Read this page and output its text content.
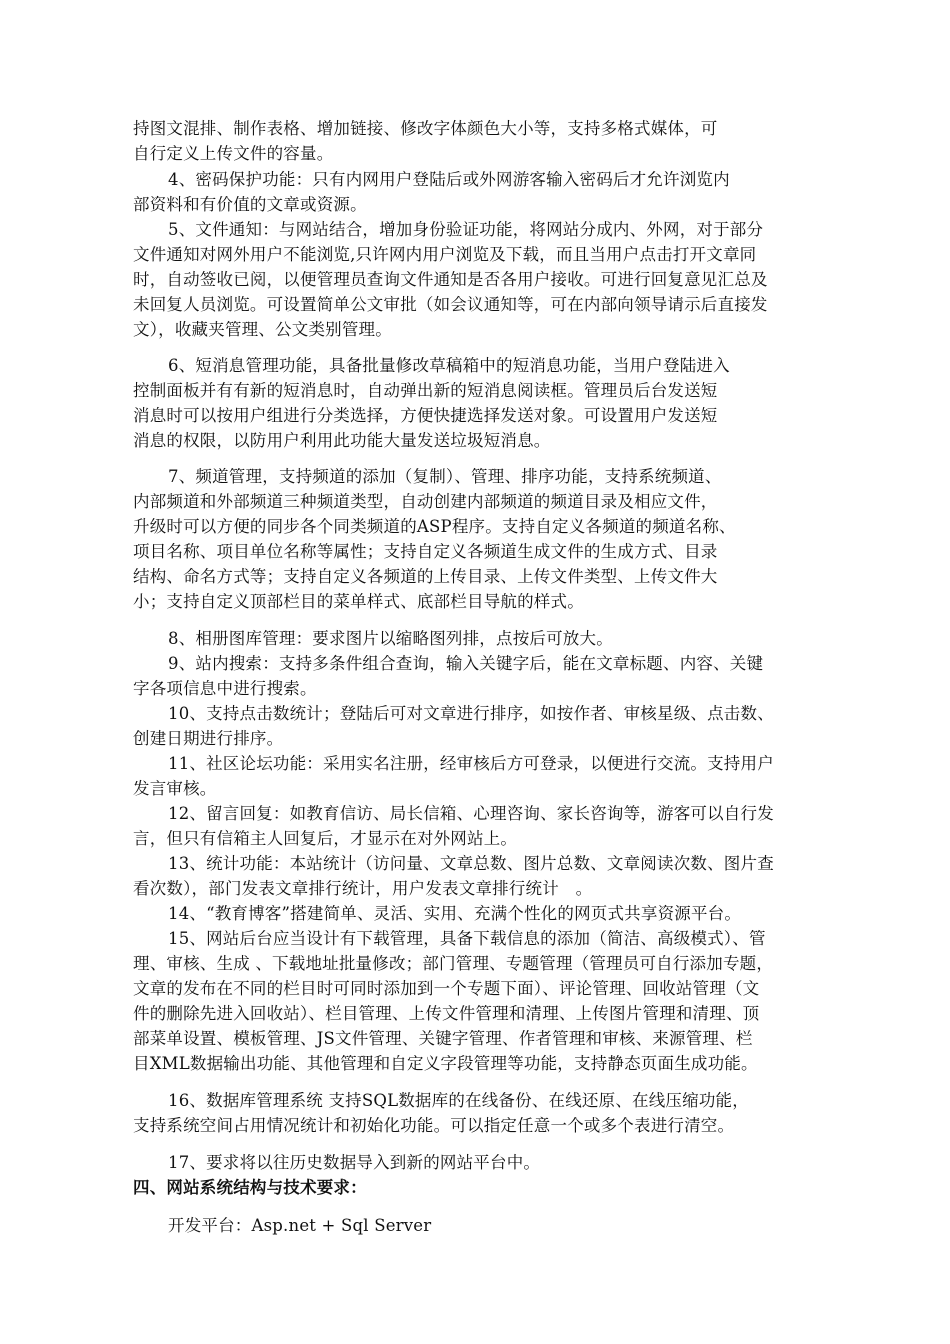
持图文混排、制作表格、增加链接、修改字体颜色大小等，支持多格式媒体，可
自行定义上传文件的容量。
4、密码保护功能：只有内网用户登陆后或外网游客输入密码后才允许浏览内
部资料和有价值的文章或资源。
5、文件通知：与网站结合，增加身份验证功能，将网站分成内、外网，对于部分
文件通知对网外用户不能浏览,只许网内用户浏览及下载，而且当用户点击打开文章同
时，自动签收已阅，以便管理员查询文件通知是否各用户接收。可进行回复意见汇总及
未回复人员浏览。可设置简单公文审批（如会议通知等，可在内部向领导请示后直接发
文），收藏夹管理、公文类别管理。
6、短消息管理功能，具备批量修改草稿箱中的短消息功能，当用户登陆进入
控制面板并有有新的短消息时，自动弹出新的短消息阅读框。管理员后台发送短
消息时可以按用户组进行分类选择，方便快捷选择发送对象。可设置用户发送短
消息的权限，以防用户利用此功能大量发送垃圾短消息。
7、频道管理，支持频道的添加（复制）、管理、排序功能，支持系统频道、
内部频道和外部频道三种频道类型，自动创建内部频道的频道目录及相应文件，
升级时可以方便的同步各个同类频道的ASP程序。支持自定义各频道的频道名称、
项目名称、项目单位名称等属性；支持自定义各频道生成文件的生成方式、目录
结构、命名方式等；支持自定义各频道的上传目录、上传文件类型、上传文件大
小；支持自定义顶部栏目的菜单样式、底部栏目导航的样式。
8、相册图库管理：要求图片以缩略图列排，点按后可放大。
9、站内搜索：支持多条件组合查询，输入关键字后，能在文章标题、内容、关键
字各项信息中进行搜索。
10、支持点击数统计；登陆后可对文章进行排序，如按作者、审核星级、点击数、
创建日期进行排序。
11、社区论坛功能：采用实名注册，经审核后方可登录，以便进行交流。支持用户
发言审核。
12、留言回复：如教育信访、局长信箱、心理咨询、家长咨询等，游客可以自行发
言，但只有信箱主人回复后，才显示在对外网站上。
13、统计功能：本站统计（访问量、文章总数、图片总数、文章阅读次数、图片查
看次数），部门发表文章排行统计，用户发表文章排行统计　。
14、“教育博客”搭建简单、灵活、实用、充满个性化的网页式共享资源平台。
15、网站后台应当设计有下载管理，具备下载信息的添加（简洁、高级模式）、管
理、审核、生成 、下载地址批量修改；部门管理、专题管理（管理员可自行添加专题，
文章的发布在不同的栏目时可同时添加到一个专题下面）、评论管理、回收站管理（文
件的删除先进入回收站）、栏目管理、上传文件管理和清理、上传图片管理和清理、顶
部菜单设置、模板管理、JS文件管理、关键字管理、作者管理和审核、来源管理、栏
目XML数据输出功能、其他管理和自定义字段管理等功能，支持静态页面生成功能。
16、数据库管理系统 支持SQL数据库的在线备份、在线还原、在线压缩功能，
支持系统空间占用情况统计和初始化功能。可以指定任意一个或多个表进行清空。
17、要求将以往历史数据导入到新的网站平台中。
四、网站系统结构与技术要求：
开发平台：Asp.net + Sql Server
